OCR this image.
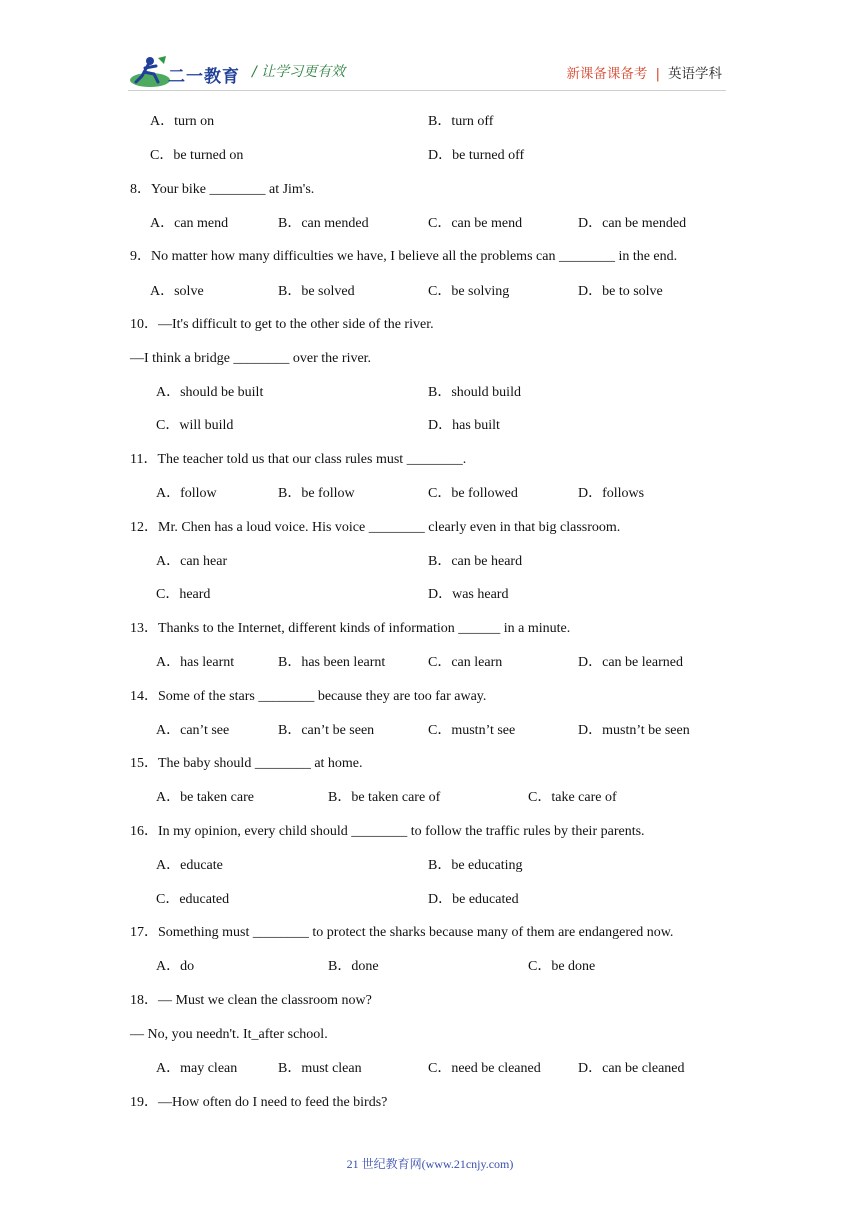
二一教育 / 让学习更有效	新课备课备考 | 英语学科
A．turn on	B．turn off
C．be turned on	D．be turned off
8．Your bike ________ at Jim's.
A．can mend	B．can mended	C．can be mend	D．can be mended
9．No matter how many difficulties we have, I believe all the problems can ________ in the end.
A．solve	B．be solved	C．be solving	D．be to solve
10．—It's difficult to get to the other side of the river.
—I think a bridge ________ over the river.
A．should be built	B．should build
C．will build	D．has built
11．The teacher told us that our class rules must ________.
A．follow	B．be follow	C．be followed	D．follows
12．Mr. Chen has a loud voice. His voice ________ clearly even in that big classroom.
A．can hear	B．can be heard
C．heard	D．was heard
13．Thanks to the Internet, different kinds of information ______ in a minute.
A．has learnt	B．has been learnt	C．can learn	D．can be learned
14．Some of the stars ________ because they are too far away.
A．can’t see	B．can’t be seen	C．mustn’t see	D．mustn’t be seen
15．The baby should ________ at home.
A．be taken care	B．be taken care of	C．take care of
16．In my opinion, every child should ________ to follow the traffic rules by their parents.
A．educate	B．be educating
C．educated	D．be educated
17．Something must ________ to protect the sharks because many of them are endangered now.
A．do	B．done	C．be done
18．— Must we clean the classroom now?
— No, you needn't. It_after school.
A．may clean	B．must clean	C．need be cleaned	D．can be cleaned
19．—How often do I need to feed the birds?
21 世纪教育网(www.21cnjy.com)
